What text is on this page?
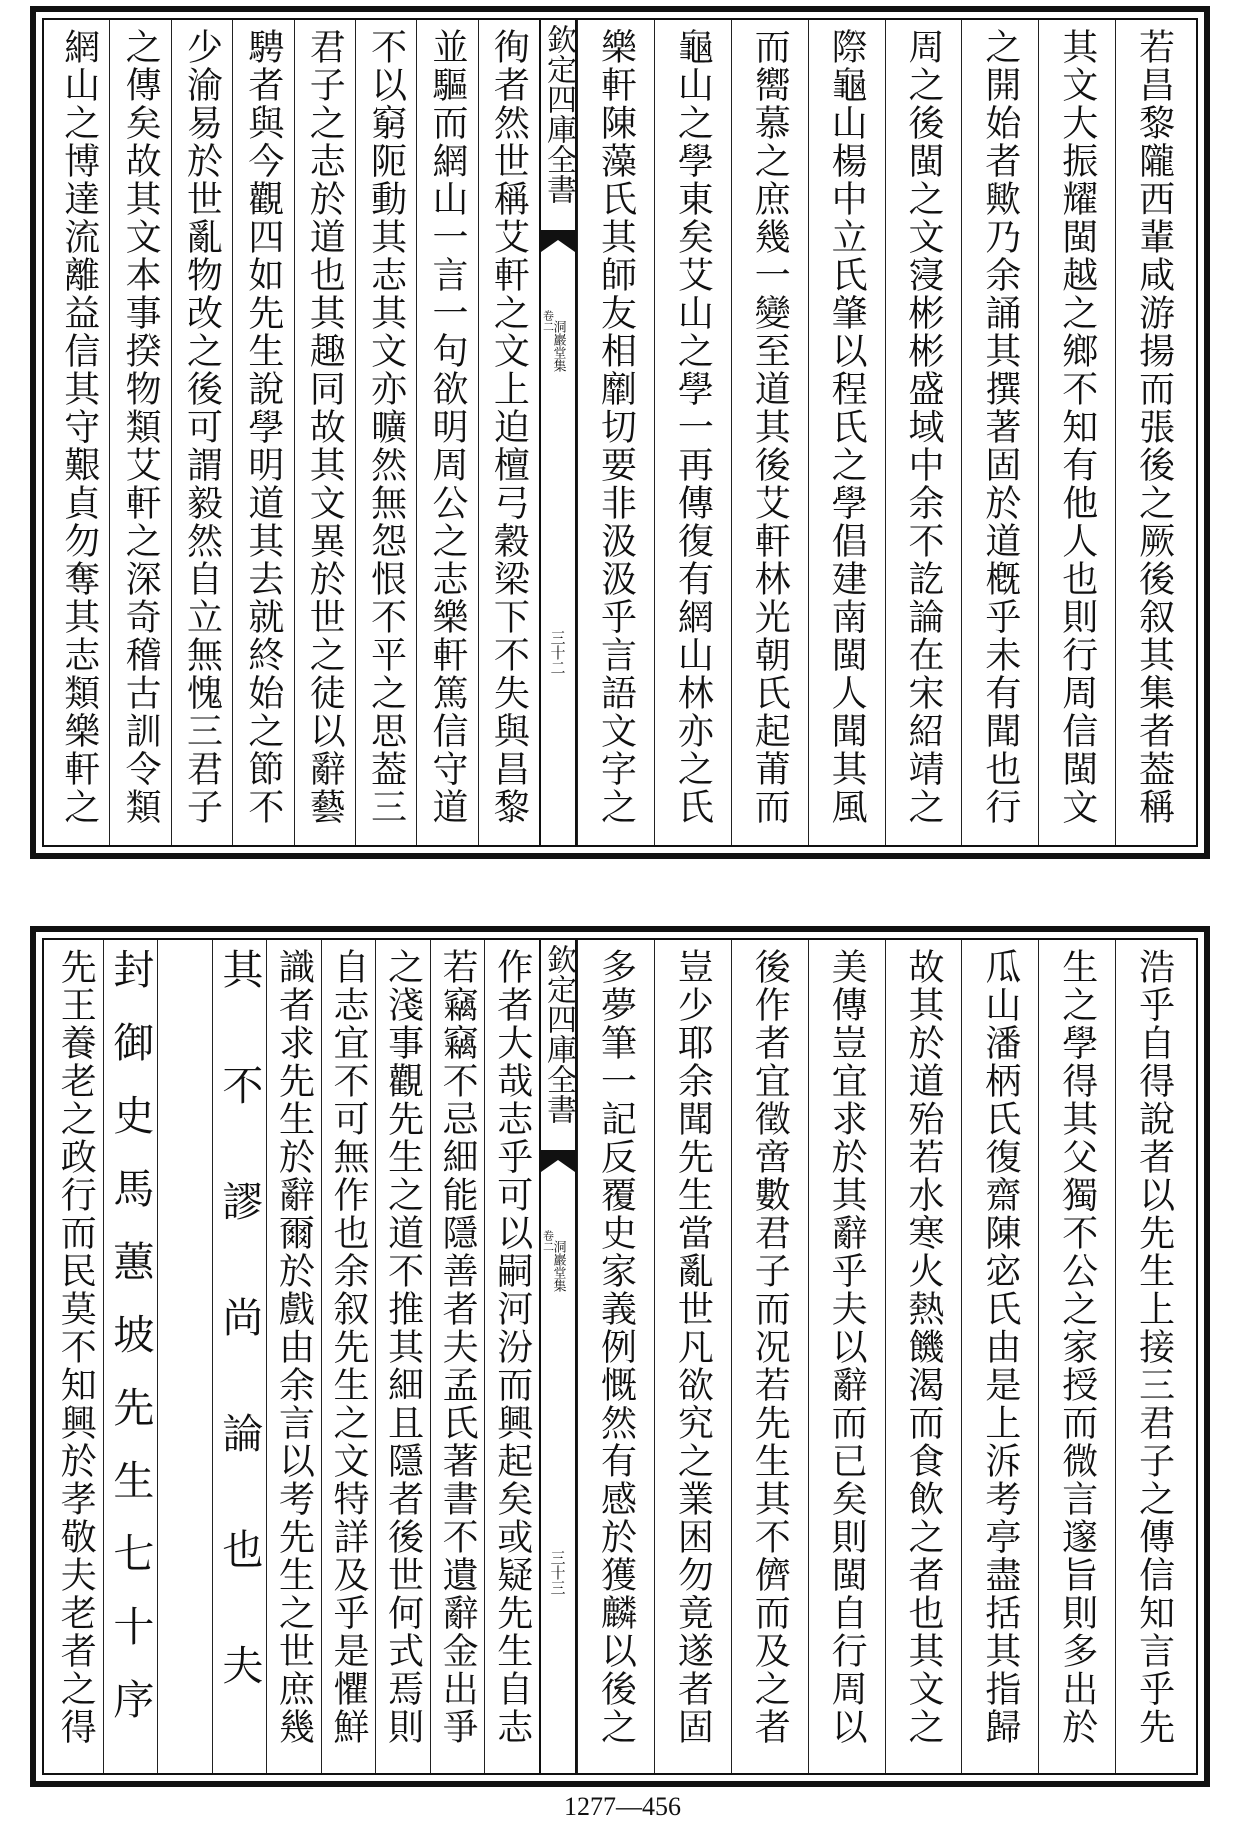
若昌黎隴西輩咸游揚而張後之厥後叙其集者葢稱
其文大振耀閩越之鄉不知有他人也則行周信閩文
之開始者歟乃余誦其撰著固於道槪乎未有聞也行
周之後閩之文寖彬彬盛域中余不訖論在宋紹靖之
際龜山楊中立氏肇以程氏之學倡建南閩人聞其風
而嚮慕之庶幾一變至道其後艾軒林光朝氏起莆而
龜山之學東矣艾山之學一再傳復有網山林亦之氏
樂軒陳藻氏其師友相劘切要非汲汲乎言語文字之
徇者然世稱艾軒之文上迫檀弓穀梁下不失與昌黎
並驅而網山一言一句欲明周公之志樂軒篤信守道
不以窮阨動其志其文亦曠然無怨恨不平之思葢三
君子之志於道也其趣同故其文異於世之徒以辭藝
騁者與今觀四如先生說學明道其去就終始之節不
少渝易於世亂物改之後可謂毅然自立無愧三君子
之傳矣故其文本事揆物類艾軒之深奇稽古訓令類
網山之博達流離益信其守艱貞勿奪其志類樂軒之	欽定四庫全書
洞巖堂集
卷二
三十二
浩乎自得說者以先生上接三君子之傳信知言乎先
生之學得其父獨不公之家授而微言邃旨則多出於
瓜山潘柄氏復齋陳宓氏由是上泝考亭盡括其指歸
故其於道殆若水寒火熱饑渴而食飲之者也其文之
美傳豈宜求於其辭乎夫以辭而已矣則閩自行周以
後作者宜徵啻數君子而况若先生其不儕而及之者
豈少耶余聞先生當亂世凡欲究之業困勿竟遂者固
多夢筆一記反覆史家義例慨然有感於獲麟以後之
作者大哉志乎可以嗣河汾而興起矣或疑先生自志
若竊竊不忌細能隱善者夫孟氏著書不遺辭金出爭
之淺事觀先生之道不推其細且隱者後世何式焉則
自志宜不可無作也余叙先生之文特詳及乎是懼鮮
識者求先生於辭爾於戲由余言以考先生之世庶幾
其不謬尚論也夫
封御史馬蕙坡先生七十序
先王養老之政行而民莫不知興於孝敬夫老者之得	欽定四庫全書
洞巖堂集
卷二
三十三
1277—456
